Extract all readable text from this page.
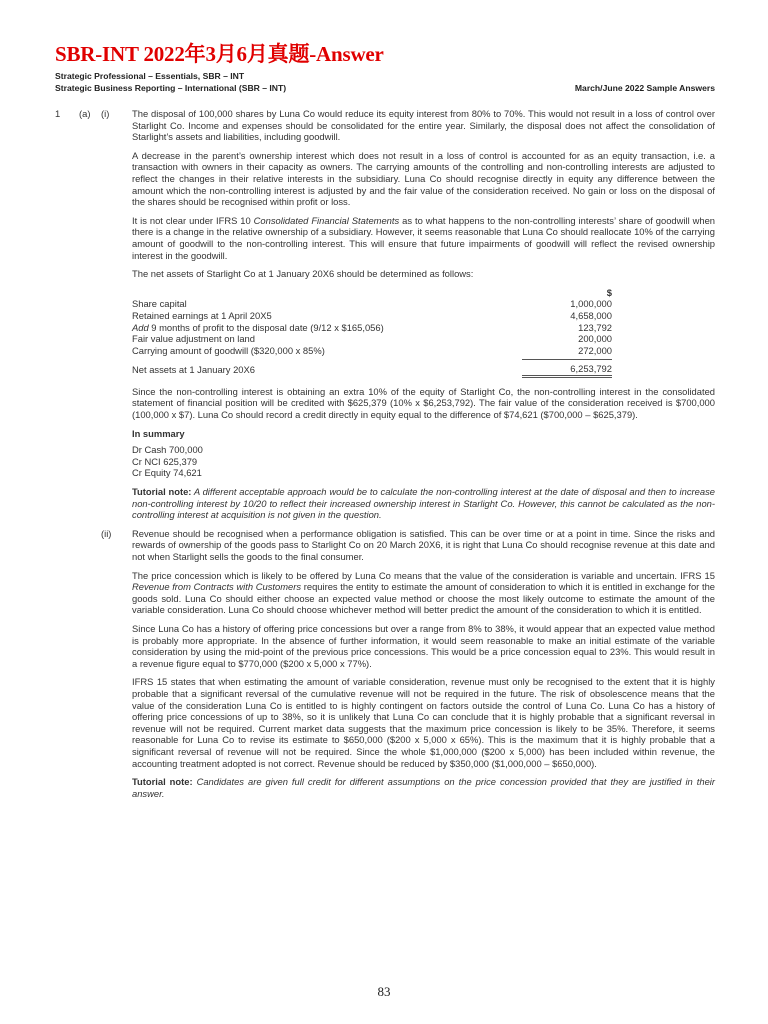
SBR-INT 2022年3月6月真题-Answer
Strategic Professional – Essentials, SBR – INT
Strategic Business Reporting – International (SBR – INT)	March/June 2022 Sample Answers
1	(a)	(i)	The disposal of 100,000 shares by Luna Co would reduce its equity interest from 80% to 70%. This would not result in a loss of control over Starlight Co. Income and expenses should be consolidated for the entire year. Similarly, the disposal does not affect the consolidation of Starlight’s assets and liabilities, including goodwill.

A decrease in the parent’s ownership interest which does not result in a loss of control is accounted for as an equity transaction, i.e. a transaction with owners in their capacity as owners. The carrying amounts of the controlling and non-controlling interests are adjusted to reflect the changes in their relative interests in the subsidiary. Luna Co should recognise directly in equity any difference between the amount which the non-controlling interest is adjusted by and the fair value of the consideration received. No gain or loss on the disposal of the shares should be recognised within profit or loss.

It is not clear under IFRS 10 Consolidated Financial Statements as to what happens to the non-controlling interests’ share of goodwill when there is a change in the relative ownership of a subsidiary. However, it seems reasonable that Luna Co should reallocate 10% of the carrying amount of goodwill to the non-controlling interest. This will ensure that future impairments of goodwill will reflect the revised ownership interest in the goodwill.

The net assets of Starlight Co at 1 January 20X6 should be determined as follows:

$
Share capital	1,000,000
Retained earnings at 1 April 20X5	4,658,000
Add 9 months of profit to the disposal date (9/12 x $165,056)	123,792
Fair value adjustment on land	200,000
Carrying amount of goodwill ($320,000 x 85%)	272,000
Net assets at 1 January 20X6	6,253,792

Since the non-controlling interest is obtaining an extra 10% of the equity of Starlight Co, the non-controlling interest in the consolidated statement of financial position will be credited with $625,379 (10% x $6,253,792). The fair value of the consideration received is $700,000 (100,000 x $7). Luna Co should record a credit directly in equity equal to the difference of $74,621 ($700,000 – $625,379).

In summary
Dr Cash 700,000
Cr NCI 625,379
Cr Equity 74,621

Tutorial note: A different acceptable approach would be to calculate the non-controlling interest at the date of disposal and then to increase non-controlling interest by 10/20 to reflect their increased ownership interest in Starlight Co. However, this cannot be calculated as the non-controlling interest at acquisition is not given in the question.

(ii)	Revenue should be recognised when a performance obligation is satisfied. This can be over time or at a point in time. Since the risks and rewards of ownership of the goods pass to Starlight Co on 20 March 20X6, it is right that Luna Co should recognise revenue at this date and not when Starlight sells the goods to the final consumer.

The price concession which is likely to be offered by Luna Co means that the value of the consideration is variable and uncertain. IFRS 15 Revenue from Contracts with Customers requires the entity to estimate the amount of consideration to which it is entitled in exchange for the goods sold. Luna Co should either choose an expected value method or choose the most likely outcome to estimate the amount of the variable consideration. Luna Co should choose whichever method will better predict the amount of the consideration to which it is entitled.

Since Luna Co has a history of offering price concessions but over a range from 8% to 38%, it would appear that an expected value method is probably more appropriate. In the absence of further information, it would seem reasonable to make an initial estimate of the variable consideration by using the mid-point of the previous price concessions. This would be a price concession equal to 23%. This would result in a revenue figure equal to $770,000 ($200 x 5,000 x 77%).

IFRS 15 states that when estimating the amount of variable consideration, revenue must only be recognised to the extent that it is highly probable that a significant reversal of the cumulative revenue will not be required in the future. The risk of obsolescence means that the value of the consideration Luna Co is entitled to is highly contingent on factors outside the control of Luna Co. Luna Co has a history of offering price concessions of up to 38%, so it is unlikely that Luna Co can conclude that it is highly probable that a significant reversal in revenue will not be required. Current market data suggests that the maximum price concession is likely to be 35%. Therefore, it seems reasonable for Luna Co to revise its estimate to $650,000 ($200 x 5,000 x 65%). This is the maximum that it is highly probable that a significant reversal of revenue will not be required. Since the whole $1,000,000 ($200 x 5,000) has been included within revenue, the accounting treatment adopted is not correct. Revenue should be reduced by $350,000 ($1,000,000 – $650,000).

Tutorial note: Candidates are given full credit for different assumptions on the price concession provided that they are justified in their answer.

83
